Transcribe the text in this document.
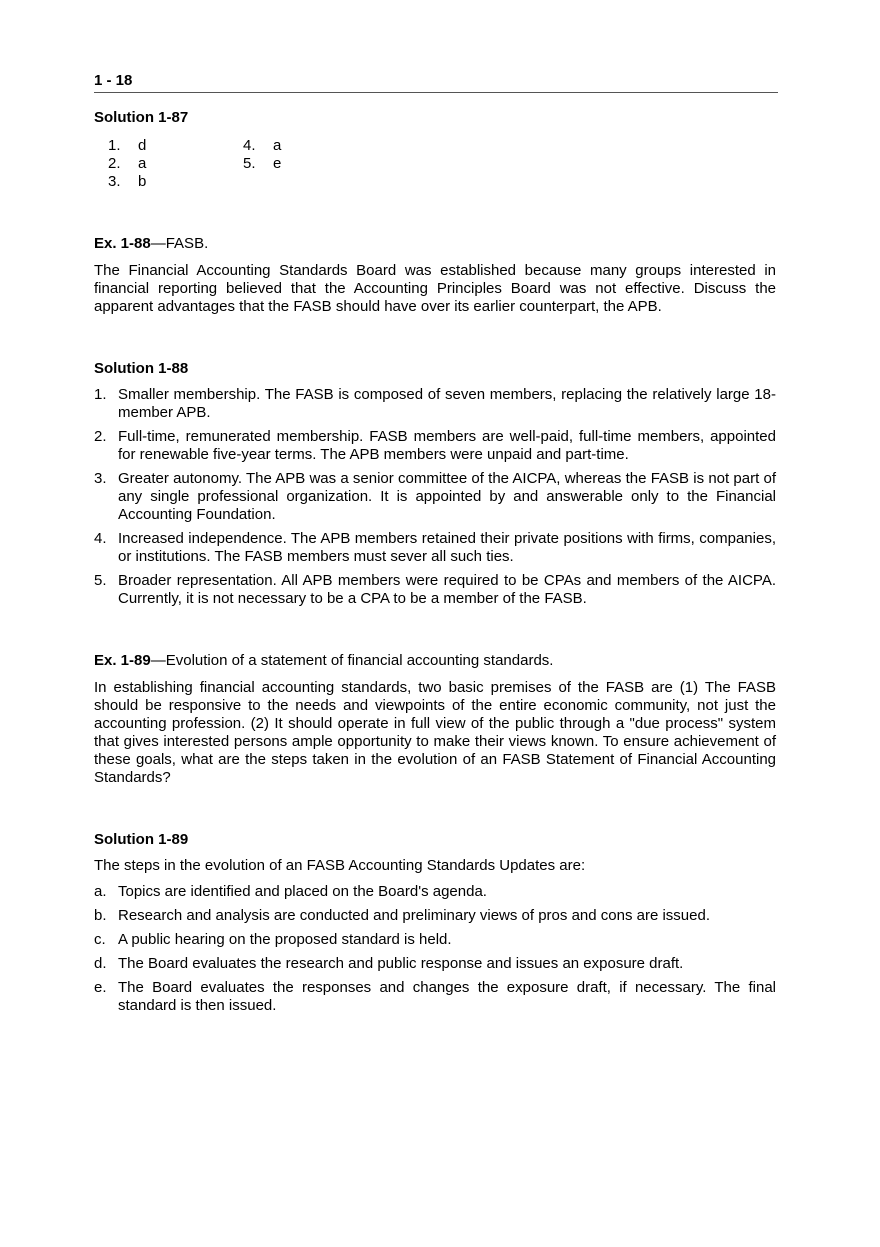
1 - 18
Solution 1-87
1.	d	4.	a
2.	a	5.	e
3.	b
Ex. 1-88—FASB.

The Financial Accounting Standards Board was established because many groups interested in financial reporting believed that the Accounting Principles Board was not effective. Discuss the apparent advantages that the FASB should have over its earlier counterpart, the APB.

Solution 1-88
1. Smaller membership. The FASB is composed of seven members, replacing the relatively large 18-member APB.
2. Full-time, remunerated membership. FASB members are well-paid, full-time members, appointed for renewable five-year terms. The APB members were unpaid and part-time.
3. Greater autonomy. The APB was a senior committee of the AICPA, whereas the FASB is not part of any single professional organization. It is appointed by and answerable only to the Financial Accounting Foundation.
4. Increased independence. The APB members retained their private positions with firms, companies, or institutions. The FASB members must sever all such ties.
5. Broader representation. All APB members were required to be CPAs and members of the AICPA. Currently, it is not necessary to be a CPA to be a member of the FASB.
Ex. 1-89—Evolution of a statement of financial accounting standards.

In establishing financial accounting standards, two basic premises of the FASB are (1) The FASB should be responsive to the needs and viewpoints of the entire economic community, not just the accounting profession. (2) It should operate in full view of the public through a "due process" system that gives interested persons ample opportunity to make their views known. To ensure achievement of these goals, what are the steps taken in the evolution of an FASB Statement of Financial Accounting Standards?

Solution 1-89

The steps in the evolution of an FASB Accounting Standards Updates are:

a. Topics are identified and placed on the Board's agenda.
b. Research and analysis are conducted and preliminary views of pros and cons are issued.
c. A public hearing on the proposed standard is held.
d. The Board evaluates the research and public response and issues an exposure draft.
e. The Board evaluates the responses and changes the exposure draft, if necessary. The final standard is then issued.
